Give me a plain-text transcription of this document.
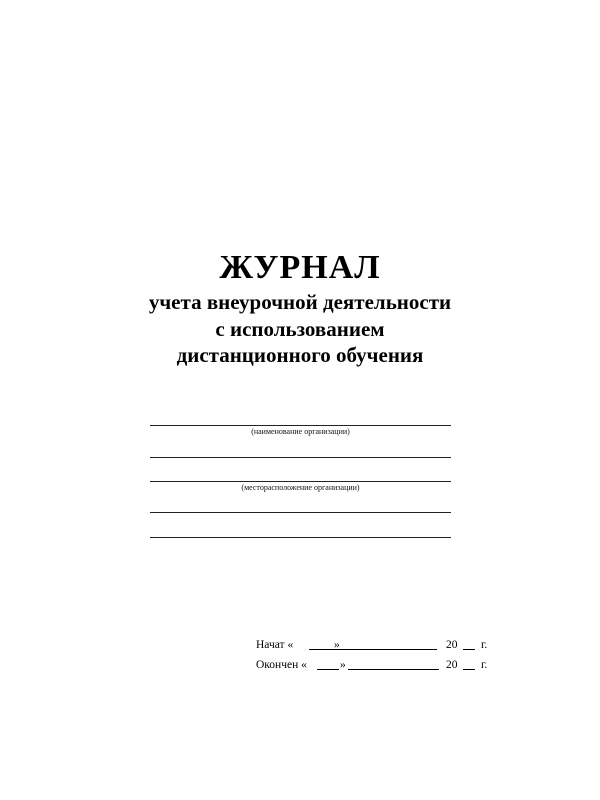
ЖУРНАЛ
учета внеурочной деятельности
с использованием
дистанционного обучения
(наименование организации)
(месторасположение организации)
Начат «	»	20 г.
Окончен «	»	20 г.
